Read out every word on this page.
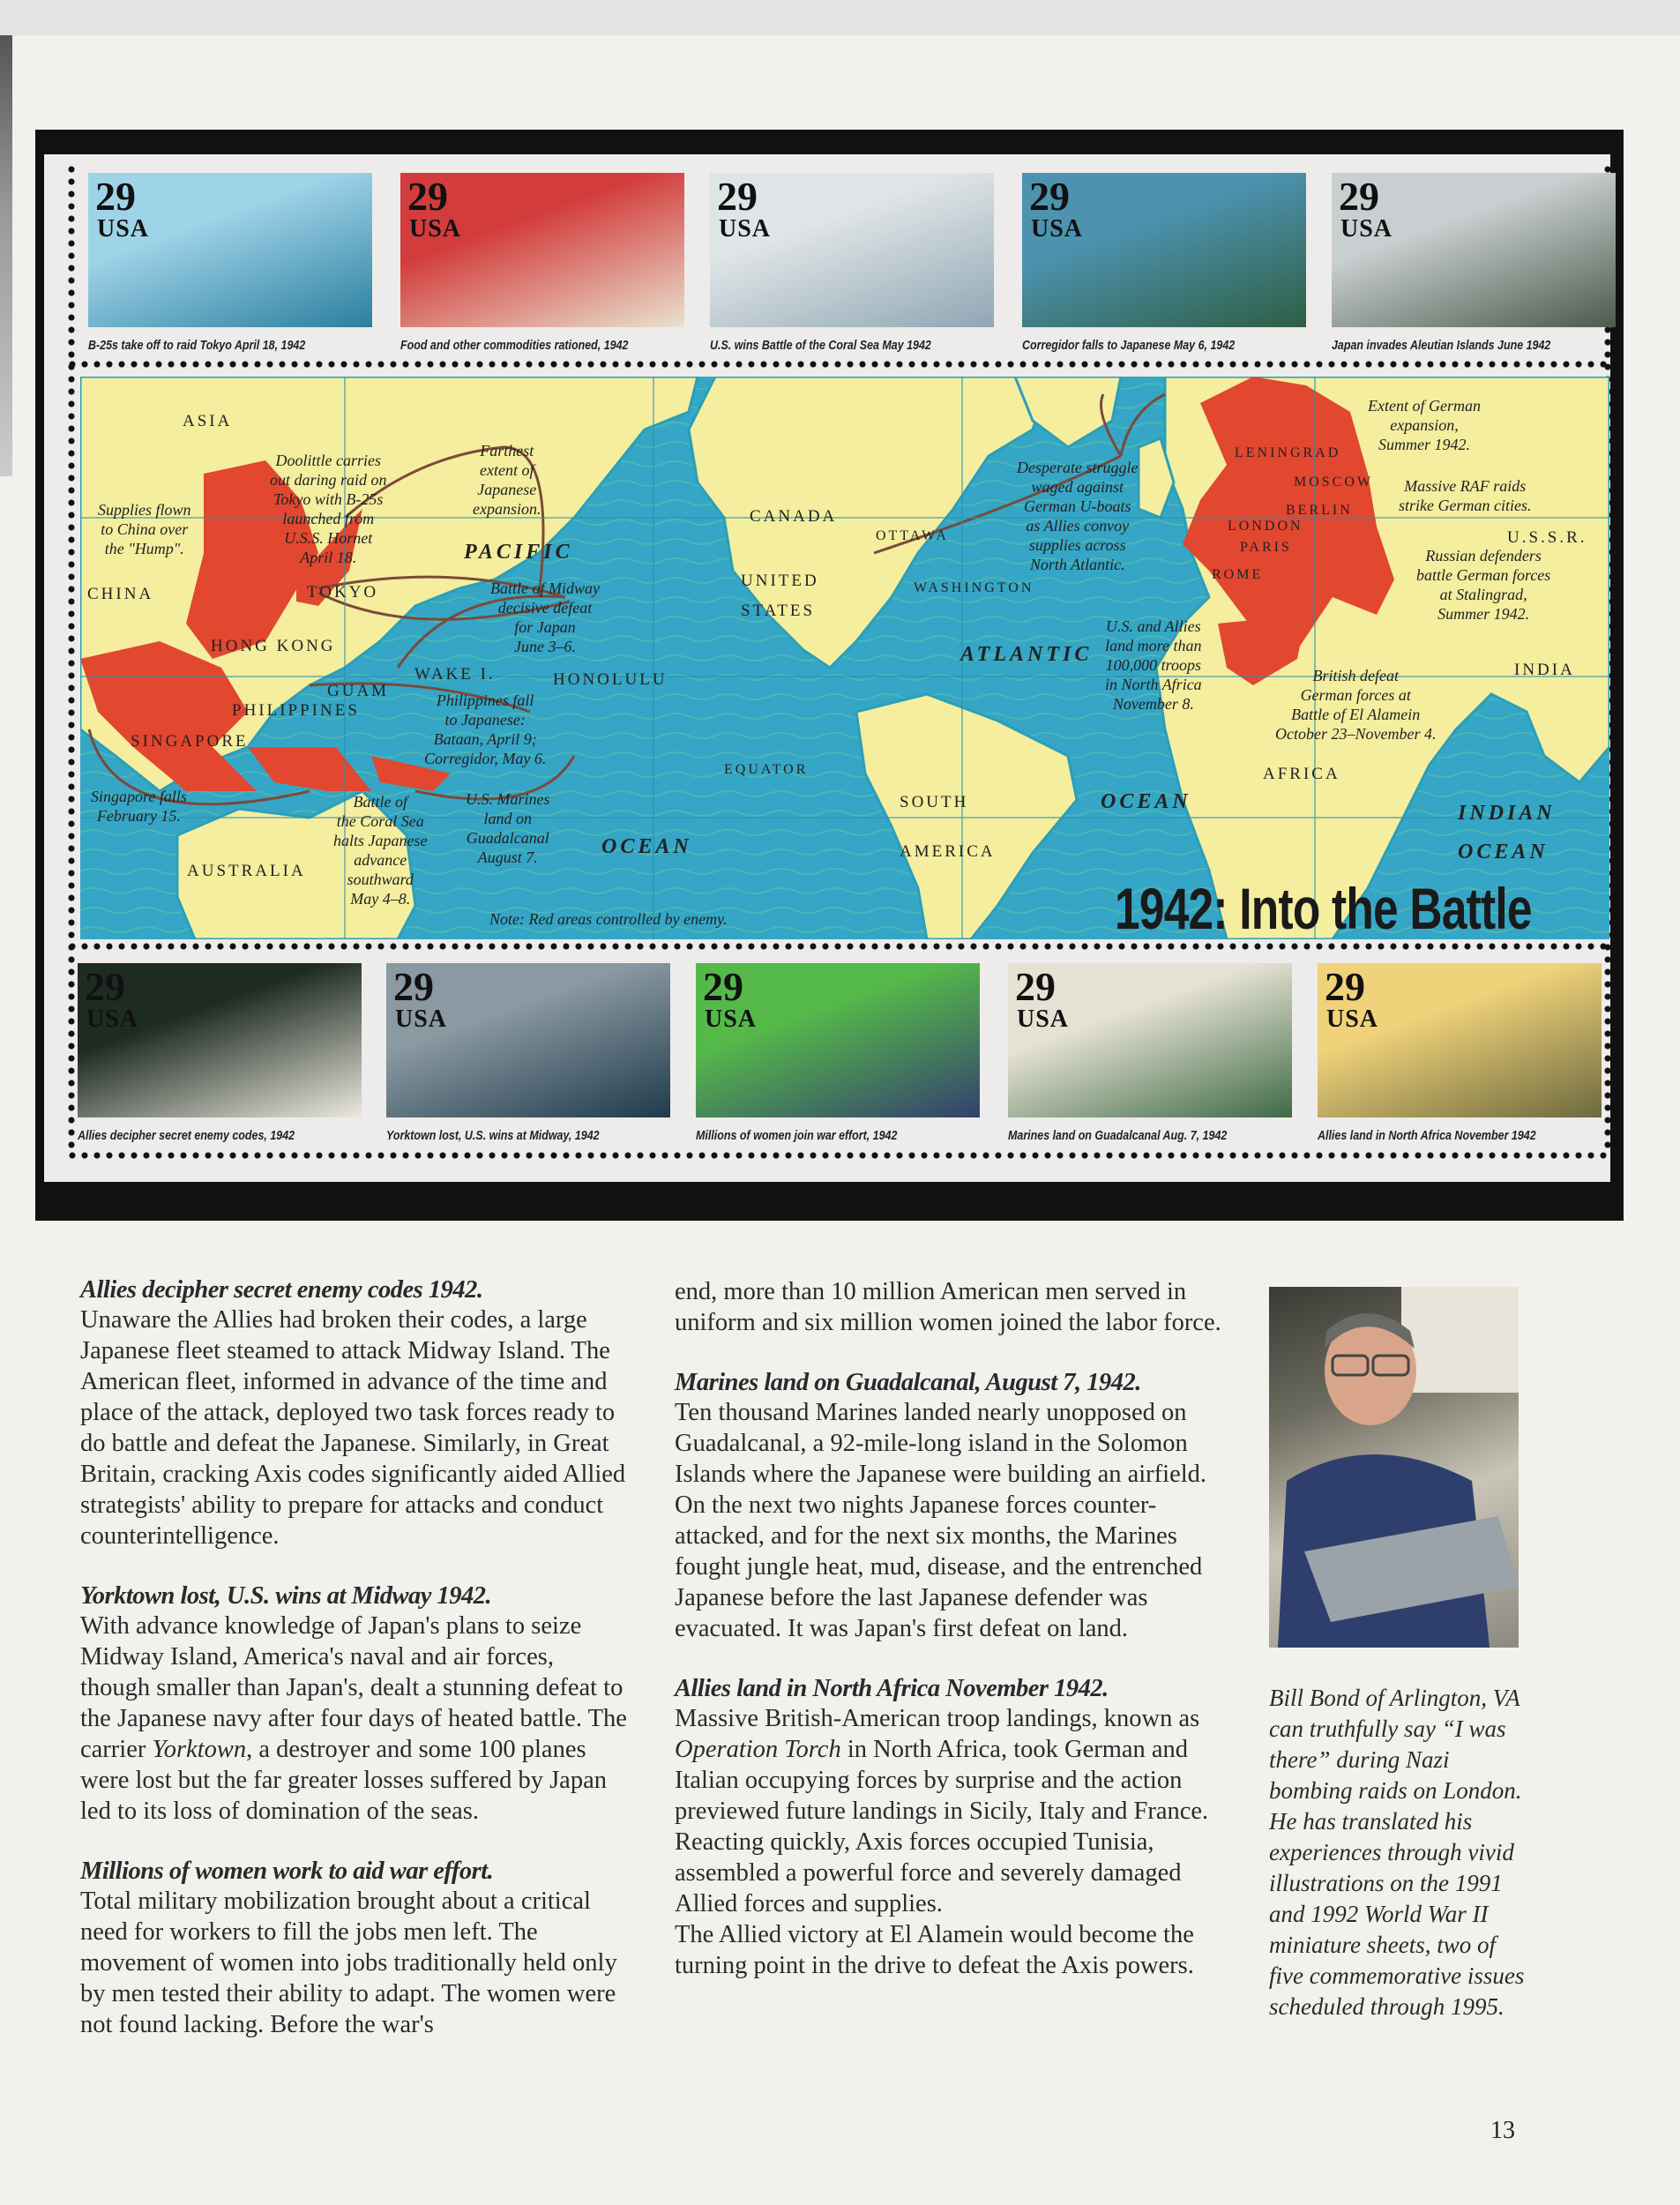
29
USA
B-25s take off to raid Tokyo April 18, 1942
29
USA
Food and other commodities rationed, 1942
29
USA
U.S. wins Battle of the Coral Sea May 1942
29
USA
Corregidor falls to Japanese May 6, 1942
29
USA
Japan invades Aleutian Islands June 1942
29
USA
Allies decipher secret enemy codes, 1942
29
USA
Yorktown lost, U.S. wins at Midway, 1942
29
USA
Millions of women join war effort, 1942
29
USA
Marines land on Guadalcanal Aug. 7, 1942
29
USA
Allies land in North Africa November 1942
ASIA
CHINA	TOKYO
HONG KONG
WAKE I.	HONOLULU
GUAM
PHILIPPINES
SINGAPORE
AUSTRALIA
CANADA
OTTAWA
UNITED STATES
WASHINGTON
EQUATOR
SOUTH AMERICA
LENINGRAD
MOSCOW
BERLIN
LONDON
PARIS
ROME
U.S.S.R.
INDIA
AFRICA
PACIFIC
OCEAN
ATLANTIC
OCEAN	INDIAN
OCEAN
Supplies flown
to China over
the "Hump".
Doolittle carries
out daring raid on
Tokyo with B-25s
launched from
U.S.S. Hornet
April 18.
Farthest
extent of
Japanese
expansion.
Battle of Midway
decisive defeat
for Japan
June 3–6.
Philippines fall
to Japanese:
Bataan, April 9;
Corregidor, May 6.
Singapore falls
February 15.
Battle of
the Coral Sea
halts Japanese
advance
southward
May 4–8.
U.S. Marines
land on
Guadalcanal
August 7.
Note: Red areas controlled by enemy.
Desperate struggle
waged against
German U-boats
as Allies convoy
supplies across
North Atlantic.
Extent of German
expansion,
Summer 1942.
Massive RAF raids
strike German cities.
Russian defenders
battle German forces
at Stalingrad,
Summer 1942.
U.S. and Allies
land more than
100,000 troops
in North Africa
November 8.
British defeat
German forces at
Battle of El Alamein
October 23–November 4.
1942: Into the Battle
Allies decipher secret enemy codes 1942.

Unaware the Allies had broken their codes, a large Japanese fleet steamed to attack Midway Island. The American fleet, informed in advance of the time and place of the attack, deployed two task forces ready to do battle and defeat the Japanese. Similarly, in Great Britain, cracking Axis codes significantly aided Allied strategists' ability to prepare for attacks and conduct counterintelligence.

Yorktown lost, U.S. wins at Midway 1942.

With advance knowledge of Japan's plans to seize Midway Island, America's naval and air forces, though smaller than Japan's, dealt a stunning defeat to the Japanese navy after four days of heated battle. The carrier Yorktown, a destroyer and some 100 planes were lost but the far greater losses suffered by Japan led to its loss of domination of the seas.

Millions of women work to aid war effort.

Total military mobilization brought about a critical need for workers to fill the jobs men left. The movement of women into jobs traditionally held only by men tested their ability to adapt. The women were not found lacking. Before the war's

end, more than 10 million American men served in uniform and six million women joined the labor force.

Marines land on Guadalcanal, August 7, 1942.

Ten thousand Marines landed nearly unopposed on Guadalcanal, a 92-mile-long island in the Solomon Islands where the Japanese were building an airfield. On the next two nights Japanese forces counter-attacked, and for the next six months, the Marines fought jungle heat, mud, disease, and the entrenched Japanese before the last Japanese defender was evacuated. It was Japan's first defeat on land.

Allies land in North Africa November 1942.

Massive British-American troop landings, known as Operation Torch in North Africa, took German and Italian occupying forces by surprise and the action previewed future landings in Sicily, Italy and France. Reacting quickly, Axis forces occupied Tunisia, assembled a powerful force and severely damaged Allied forces and supplies.

The Allied victory at El Alamein would become the turning point in the drive to defeat the Axis powers.

Bill Bond of Arlington, VA can truthfully say “I was there” during Nazi bombing raids on London. He has translated his experiences through vivid illustrations on the 1991 and 1992 World War II miniature sheets, two of five commemorative issues scheduled through 1995.
13
